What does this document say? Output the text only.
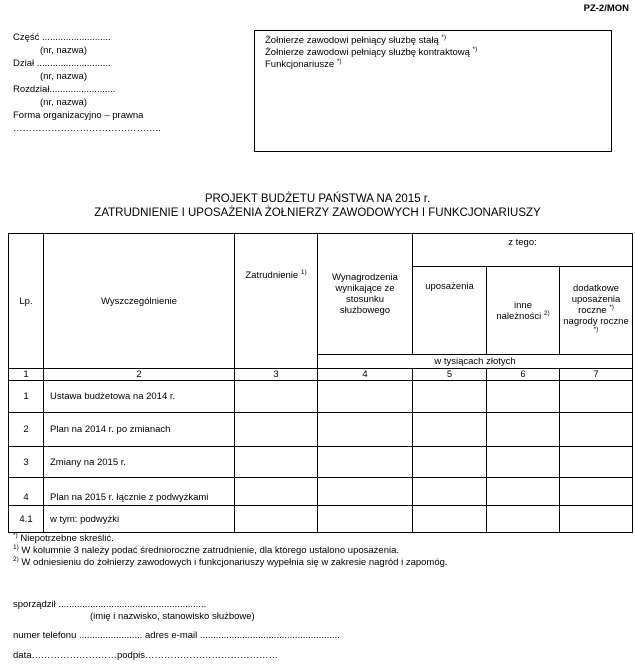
PZ-2/MON
Część ..........................
(nr, nazwa)
Dział ............................
(nr, nazwa)
Rozdział.........................
(nr, nazwa)
Forma organizacyjno – prawna
………………………………………..
Żołnierze zawodowi pełniący służbę stałą *)
Żołnierze zawodowi pełniący służbę kontraktową *)
Funkcjonariusze *)
PROJEKT BUDŻETU PAŃSTWA NA 2015 r.
ZATRUDNIENIE I UPOSAŻENIA ŻOŁNIERZY ZAWODOWYCH I FUNKCJONARIUSZY
Lp.	Wyszczególnienie	Zatrudnienie $^{1)}$	Wynagrodzenia wynikające ze stosunku służbowego	z tego:		
				uposażenia	inne należności $^{2)}$	dodatkowe uposażenia roczne *)
nagrody roczne *)
			w tysiącach złotych			
1	2	3	4	5	6	7
1	Ustawa budżetowa na 2014 r.					
2	Plan na 2014 r. po zmianach					
3	Zmiany na 2015 r.					
4	Plan na 2015 r. łącznie z podwyżkami					
4.1	w tym: podwyżki					
*) Niepotrzebne skreślić.
$^{1)}$ W kolumnie 3 należy podać średnioroczne zatrudnienie, dla którego ustalono uposażenia.
$^{2)}$ W odniesieniu do żołnierzy zawodowych i funkcjonariuszy wypełnia się w zakresie nagród i zapomóg.
sporządził ........................................................
(imię i nazwisko, stanowisko służbowe)
numer telefonu ........................ adres e-mail .....................................................
data………………………podpis……………………………………
